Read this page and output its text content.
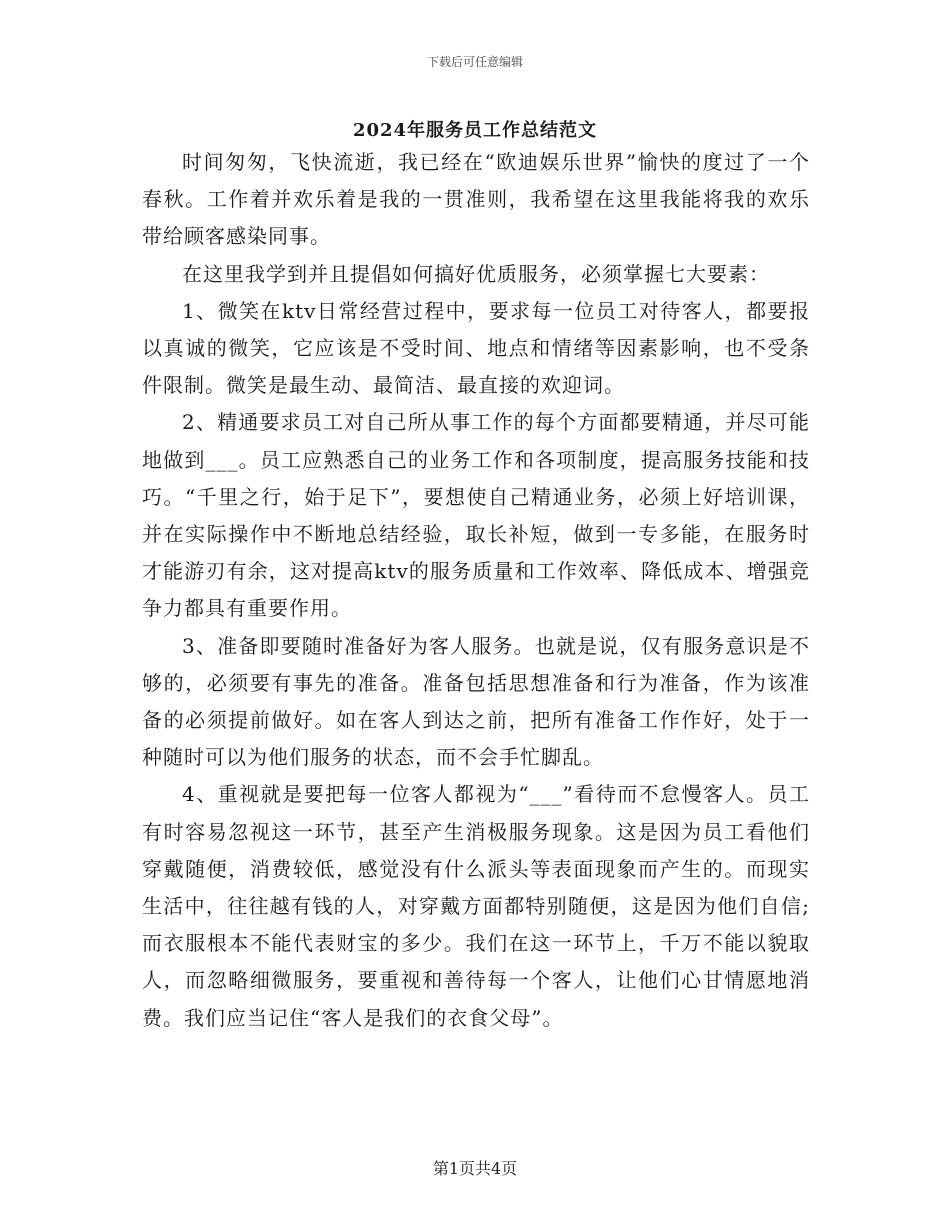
下载后可任意编辑
2024年服务员工作总结范文

时间匆匆，飞快流逝，我已经在“欧迪娱乐世界”愉快的度过了一个春秋。工作着并欢乐着是我的一贯准则，我希望在这里我能将我的欢乐带给顾客感染同事。

在这里我学到并且提倡如何搞好优质服务，必须掌握七大要素：

1、微笑在ktv日常经营过程中，要求每一位员工对待客人，都要报以真诚的微笑，它应该是不受时间、地点和情绪等因素影响，也不受条件限制。微笑是最生动、最简洁、最直接的欢迎词。

2、精通要求员工对自己所从事工作的每个方面都要精通，并尽可能地做到___。员工应熟悉自己的业务工作和各项制度，提高服务技能和技巧。“千里之行，始于足下”，要想使自己精通业务，必须上好培训课，并在实际操作中不断地总结经验，取长补短，做到一专多能，在服务时才能游刃有余，这对提高ktv的服务质量和工作效率、降低成本、增强竞争力都具有重要作用。

3、准备即要随时准备好为客人服务。也就是说，仅有服务意识是不够的，必须要有事先的准备。准备包括思想准备和行为准备，作为该准备的必须提前做好。如在客人到达之前，把所有准备工作作好，处于一种随时可以为他们服务的状态，而不会手忙脚乱。

4、重视就是要把每一位客人都视为“___”看待而不怠慢客人。员工有时容易忽视这一环节，甚至产生消极服务现象。这是因为员工看他们穿戴随便，消费较低，感觉没有什么派头等表面现象而产生的。而现实生活中，往往越有钱的人，对穿戴方面都特别随便，这是因为他们自信;而衣服根本不能代表财宝的多少。我们在这一环节上，千万不能以貌取人，而忽略细微服务，要重视和善待每一个客人，让他们心甘情愿地消费。我们应当记住“客人是我们的衣食父母”。

第1页共4页
